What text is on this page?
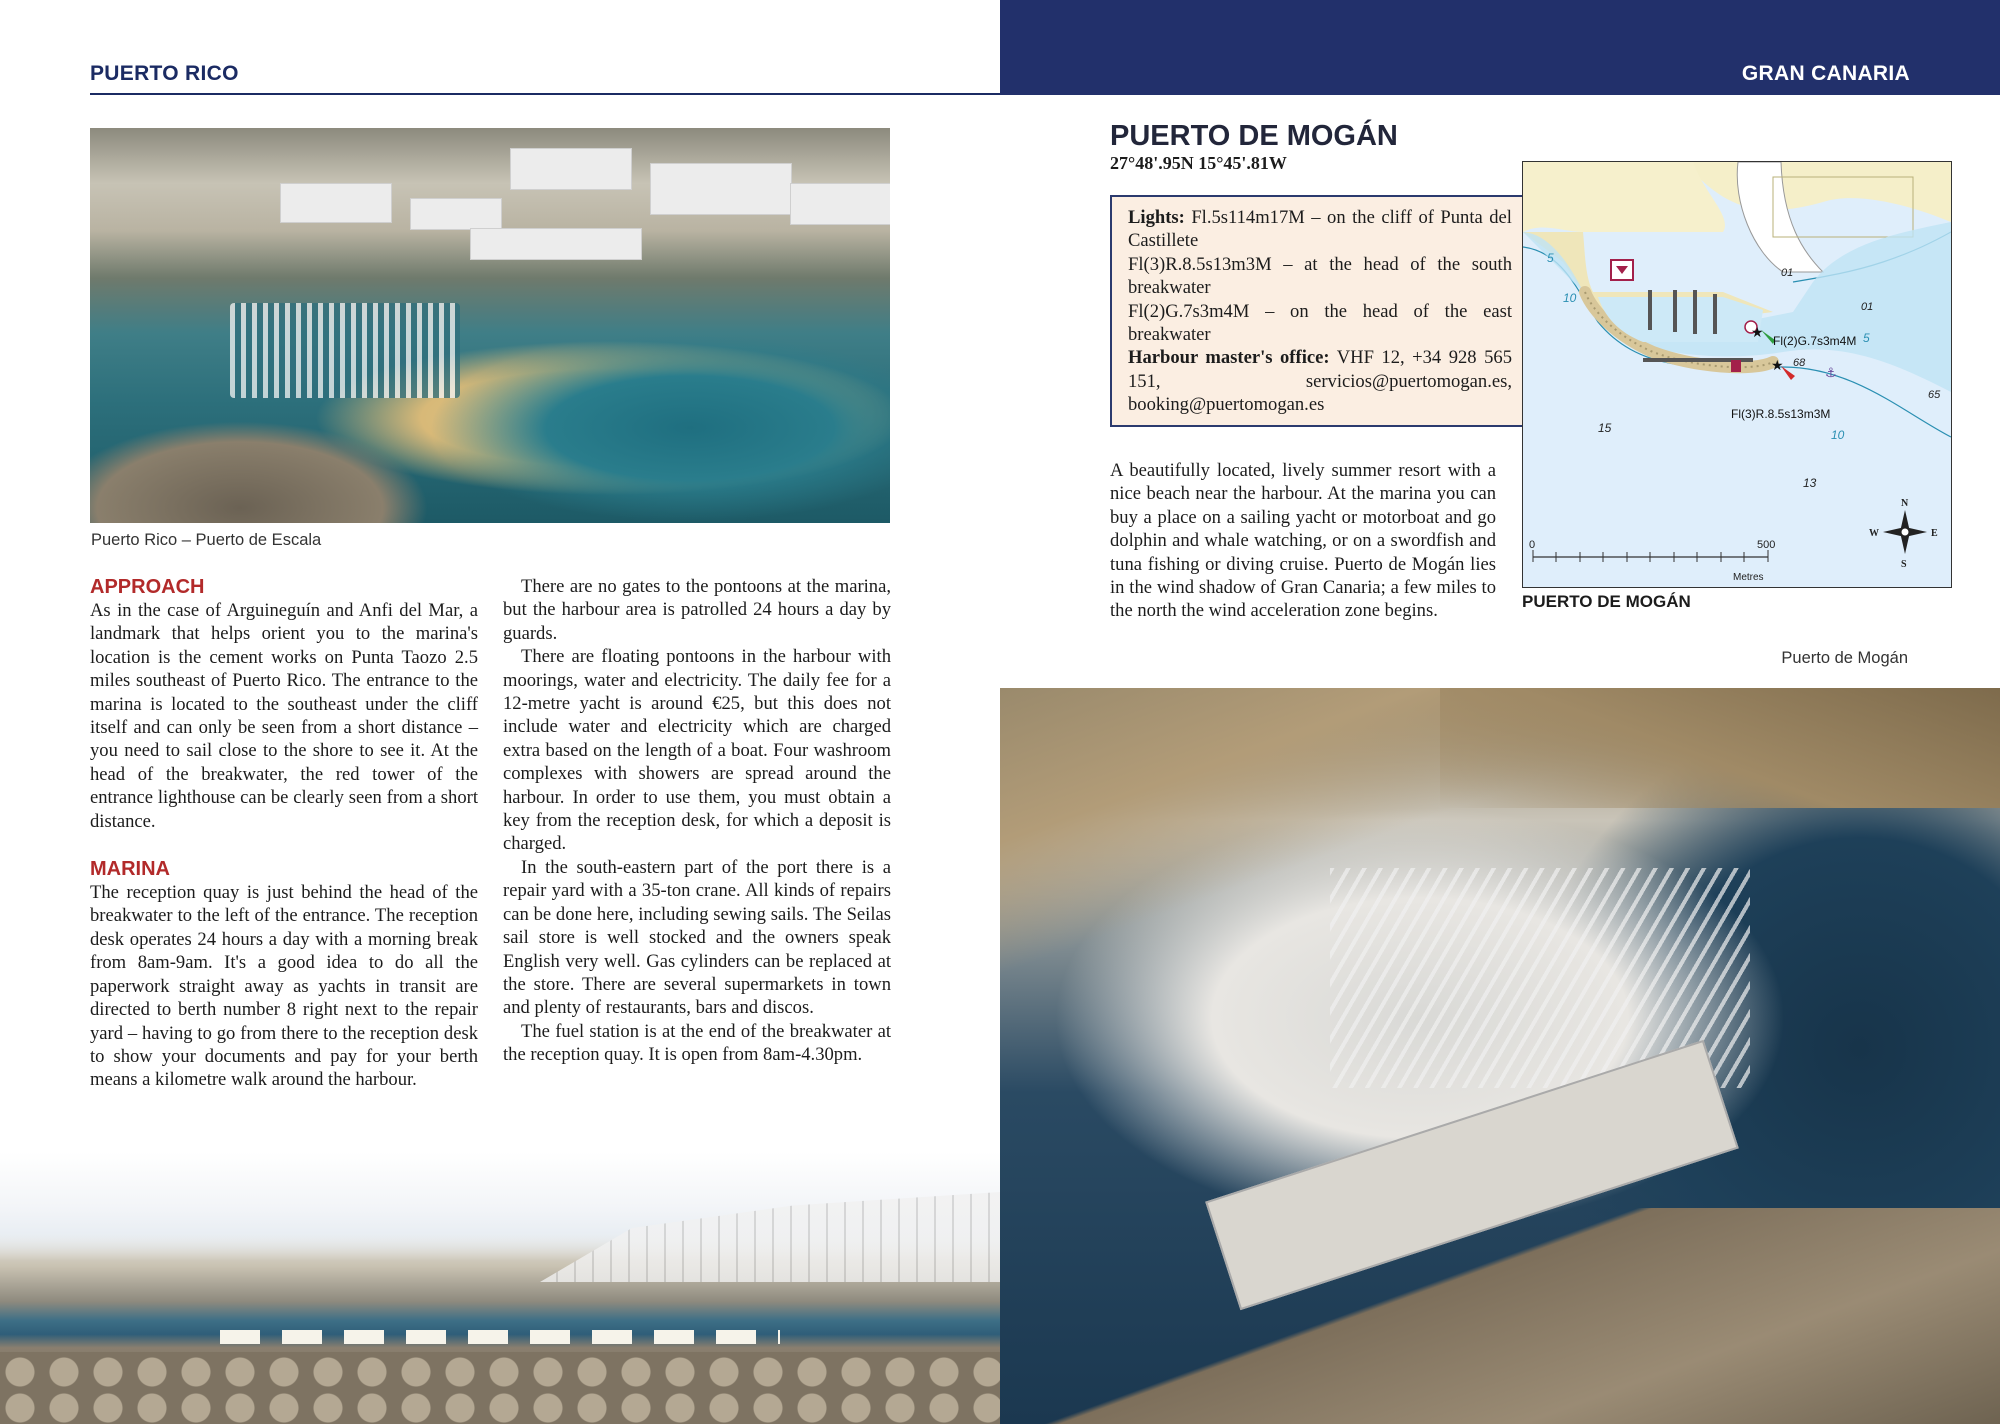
PUERTO RICO	GRAN CANARIA
Puerto Rico – Puerto de Escala
APPROACH

As in the case of Arguineguín and Anfi del Mar, a landmark that helps orient you to the marina's location is the cement works on Punta Taozo 2.5 miles southeast of Puerto Rico. The entrance to the marina is located to the southeast under the cliff itself and can only be seen from a short distance – you need to sail close to the shore to see it. At the head of the breakwater, the red tower of the entrance lighthouse can be clearly seen from a short distance.

MARINA

The reception quay is just behind the head of the breakwater to the left of the entrance. The reception desk operates 24 hours a day with a morning break from 8am-9am. It's a good idea to do all the paperwork straight away as yachts in transit are directed to berth number 8 right next to the repair yard – having to go from there to the reception desk to show your documents and pay for your berth means a kilometre walk around the harbour.

There are no gates to the pontoons at the marina, but the harbour area is patrolled 24 hours a day by guards.

There are floating pontoons in the harbour with moorings, water and electricity. The daily fee for a 12-metre yacht is around €25, but this does not include water and electricity which are charged extra based on the length of a boat. Four washroom complexes with showers are spread around the harbour. In order to use them, you must obtain a key from the reception desk, for which a deposit is charged.

In the south-eastern part of the port there is a repair yard with a 35-ton crane. All kinds of repairs can be done here, including sewing sails. The Seilas sail store is well stocked and the owners speak English very well. Gas cylinders can be replaced at the store. There are several supermarkets in town and plenty of restaurants, bars and discos.

The fuel station is at the end of the breakwater at the reception quay. It is open from 8am-4.30pm.

PUERTO DE MOGÁN
27°48'.95N 15°45'.81W
Lights: Fl.5s114m17M – on the cliff of Punta del Castillete
Fl(3)R.8.5s13m3M – at the head of the south breakwater
Fl(2)G.7s3m4M – on the head of the east breakwater
Harbour master's office: VHF 12, +34 928 565 151, servicios@puertomogan.es, booking@puertomogan.es

A beautifully located, lively summer resort with a nice beach near the harbour. At the marina you can buy a place on a sailing yacht or motorboat and go dolphin and whale watching, or on a swordfish and tuna fishing or diving cruise. Puerto de Mogán lies in the wind shadow of Gran Canaria; a few miles to the north the wind acceleration zone begins.

★
★
Fl(2)G.7s3m4M
Fl(3)R.8.5s13m3M
01
01
5
10
68
65
15
13
10
5
⚓
0	500
Metres
N
S
E
W
PUERTO DE MOGÁN
Puerto de Mogán
